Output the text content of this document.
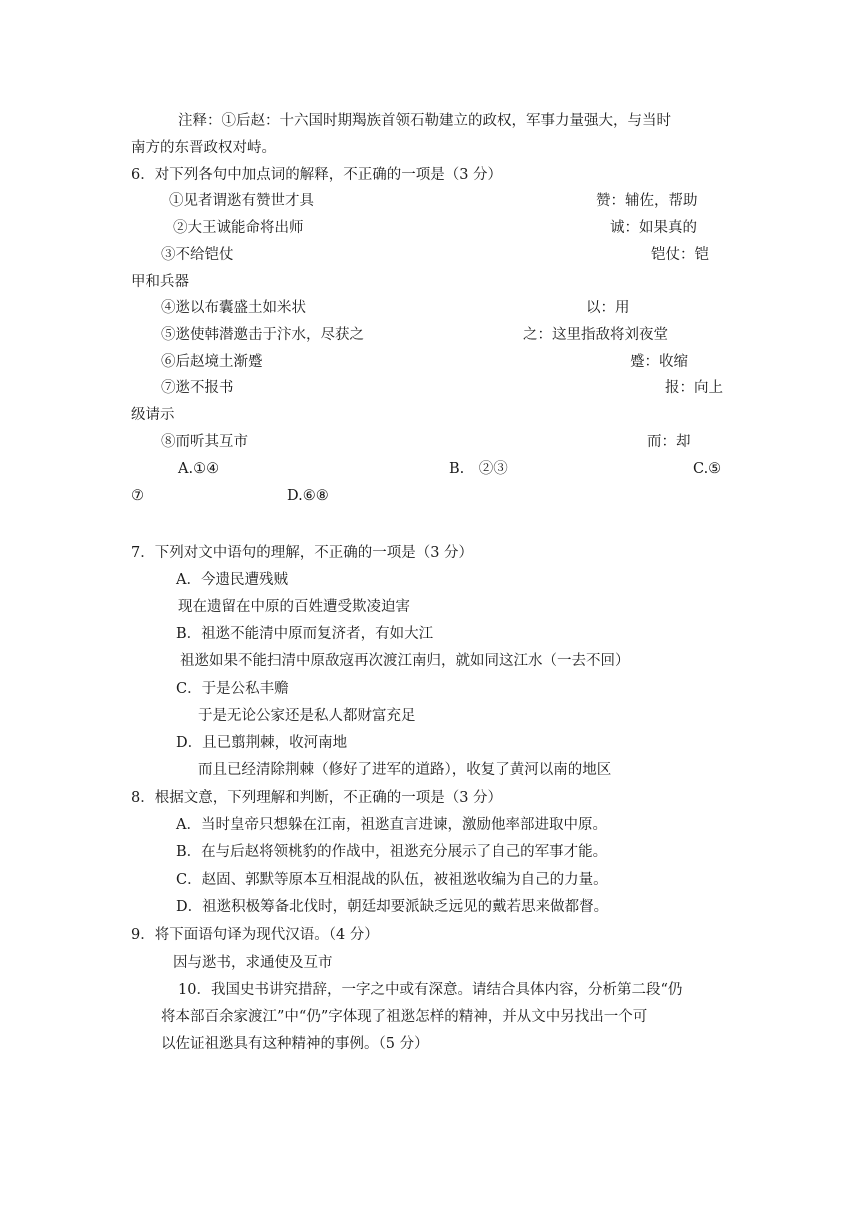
注释：①后赵：十六国时期羯族首领石勒建立的政权，军事力量强大，与当时
南方的东晋政权对峙。
6．对下列各句中加点词的解释，不正确的一项是（3 分）
①见者谓逖有赞世才具	赞：辅佐，帮助
②大王诚能命将出师	诚：如果真的
③不给铠仗	铠仗：铠
甲和兵器
④逖以布囊盛土如米状	以：用
⑤逖使韩潜邀击于汴水，尽获之	之：这里指敌将刘夜堂
⑥后赵境土渐蹙	蹙：收缩
⑦逖不报书	报：向上
级请示
⑧而听其互市	而：却
A.①④	B.　②③	C.⑤
⑦	D.⑥⑧
7．下列对文中语句的理解，不正确的一项是（3 分）
A．今遗民遭残贼
现在遗留在中原的百姓遭受欺凌迫害
B．祖逖不能清中原而复济者，有如大江
祖逖如果不能扫清中原敌寇再次渡江南归，就如同这江水（一去不回）
C．于是公私丰赡
于是无论公家还是私人都财富充足
D．且已翦荆棘，收河南地
而且已经清除荆棘（修好了进军的道路），收复了黄河以南的地区
8．根据文意，下列理解和判断，不正确的一项是（3 分）
A．当时皇帝只想躲在江南，祖逖直言进谏，激励他率部进取中原。
B．在与后赵将领桃豹的作战中，祖逖充分展示了自己的军事才能。
C．赵固、郭默等原本互相混战的队伍，被祖逖收编为自己的力量。
D．祖逖积极筹备北伐时，朝廷却要派缺乏远见的戴若思来做都督。
9．将下面语句译为现代汉语。（4 分）
因与逖书，求通使及互市
10．我国史书讲究措辞，一字之中或有深意。请结合具体内容，分析第二段“仍
将本部百余家渡江”中“仍”字体现了祖逖怎样的精神，并从文中另找出一个可
以佐证祖逖具有这种精神的事例。（5 分）
